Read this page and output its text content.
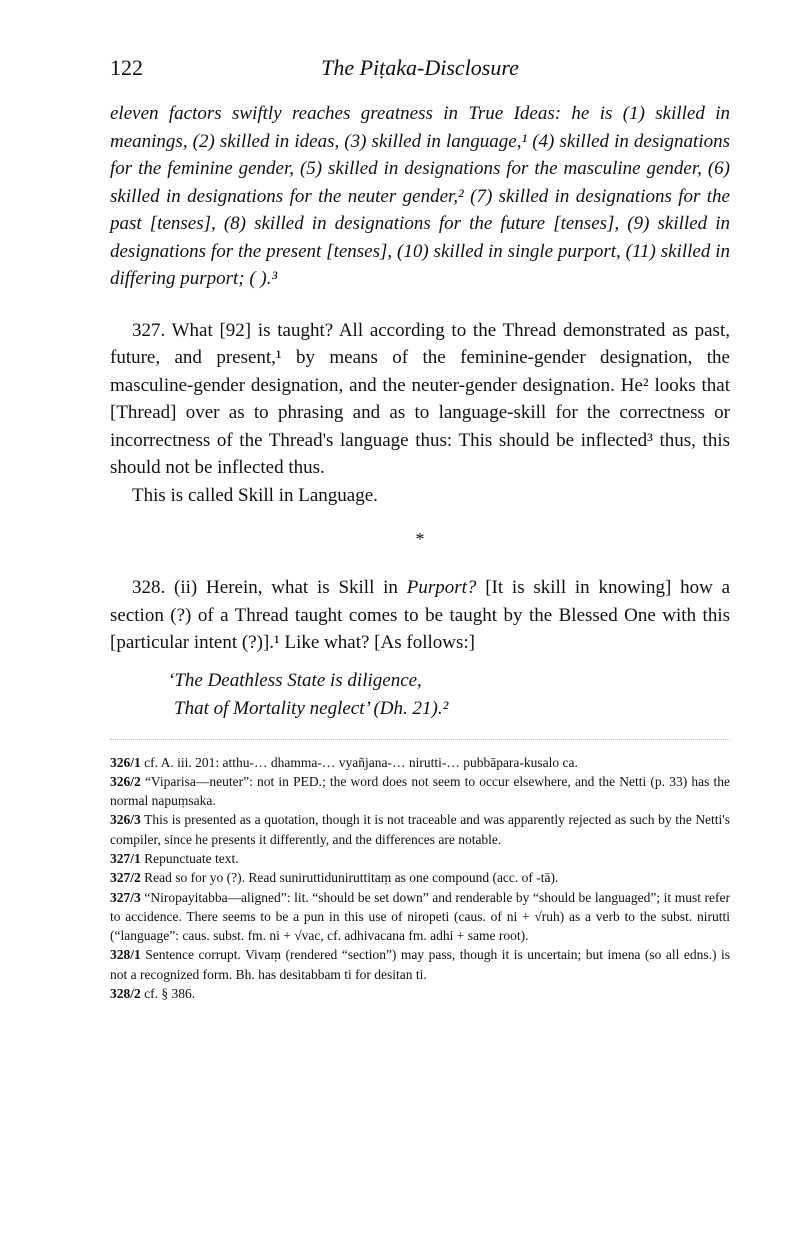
122	The Piṭaka-Disclosure

eleven factors swiftly reaches greatness in True Ideas: he is (1) skilled in meanings, (2) skilled in ideas, (3) skilled in language,¹ (4) skilled in designations for the feminine gender, (5) skilled in designations for the masculine gender, (6) skilled in designations for the neuter gender,² (7) skilled in designations for the past [tenses], (8) skilled in designations for the future [tenses], (9) skilled in designations for the present [tenses], (10) skilled in single purport, (11) skilled in differing purport; ( ).³

327. What [92] is taught? All according to the Thread demonstrated as past, future, and present,¹ by means of the feminine-gender designation, the masculine-gender designation, and the neuter-gender designation. He² looks that [Thread] over as to phrasing and as to language-skill for the correctness or incorrectness of the Thread's language thus: This should be inflected³ thus, this should not be inflected thus.

This is called Skill in Language.

*

328. (ii) Herein, what is Skill in Purport? [It is skill in knowing] how a section (?) of a Thread taught comes to be taught by the Blessed One with this [particular intent (?)].¹ Like what? [As follows:]

‘The Deathless State is diligence,
That of Mortality neglect’ (Dh. 21).²

326/1 cf. A. iii. 201: atthu-… dhamma-… vyañjana-… nirutti-… pubbāpara-kusalo ca.

326/2 “Viparisa—neuter”: not in PED.; the word does not seem to occur elsewhere, and the Netti (p. 33) has the normal napuṃsaka.

326/3 This is presented as a quotation, though it is not traceable and was apparently rejected as such by the Netti's compiler, since he presents it differently, and the differences are notable.

327/1 Repunctuate text.

327/2 Read so for yo (?). Read suniruttiduniruttitaṃ as one compound (acc. of -tā).

327/3 “Niropayitabba—aligned”: lit. “should be set down” and renderable by “should be languaged”; it must refer to accidence. There seems to be a pun in this use of niropeti (caus. of ni + √ruh) as a verb to the subst. nirutti (“language”: caus. subst. fm. ni + √vac, cf. adhivacana fm. adhi + same root).

328/1 Sentence corrupt. Vivaṃ (rendered “section”) may pass, though it is uncertain; but imena (so all edns.) is not a recognized form. Bh. has desitabbam ti for desitan ti.

328/2 cf. § 386.
